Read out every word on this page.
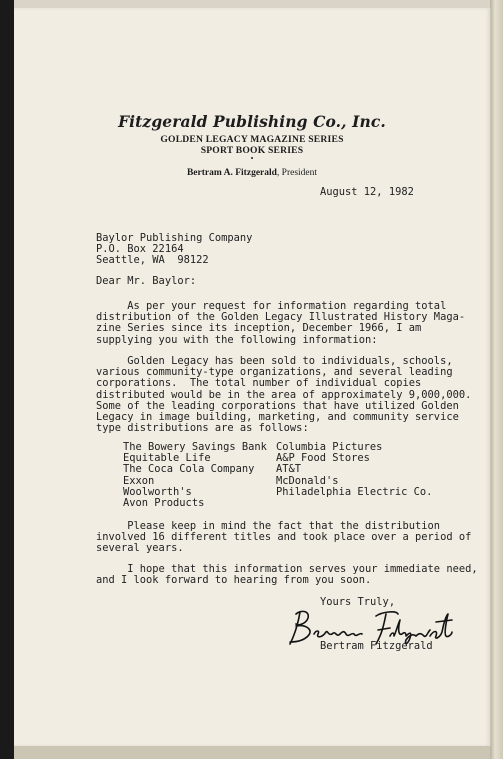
Fitzgerald Publishing Co., Inc.
GOLDEN LEGACY MAGAZINE SERIES
SPORT BOOK SERIES
•
Bertram A. Fitzgerald, President
August 12, 1982
Baylor Publishing Company
P.O. Box 22164
Seattle, WA  98122
Dear Mr. Baylor:
As per your request for information regarding total
distribution of the Golden Legacy Illustrated History Maga-
zine Series since its inception, December 1966, I am
supplying you with the following information:
Golden Legacy has been sold to individuals, schools,
various community-type organizations, and several leading
corporations.  The total number of individual copies
distributed would be in the area of approximately 9,000,000.
Some of the leading corporations that have utilized Golden
Legacy in image building, marketing, and community service
type distributions are as follows:
The Bowery Savings Bank
Equitable Life
The Coca Cola Company
Exxon
Woolworth's
Avon Products
Columbia Pictures
A&P Food Stores
AT&T
McDonald's
Philadelphia Electric Co.
Please keep in mind the fact that the distribution
involved 16 different titles and took place over a period of
several years.
I hope that this information serves your immediate need,
and I look forward to hearing from you soon.
Yours Truly,
Bertram Fitzgerald
